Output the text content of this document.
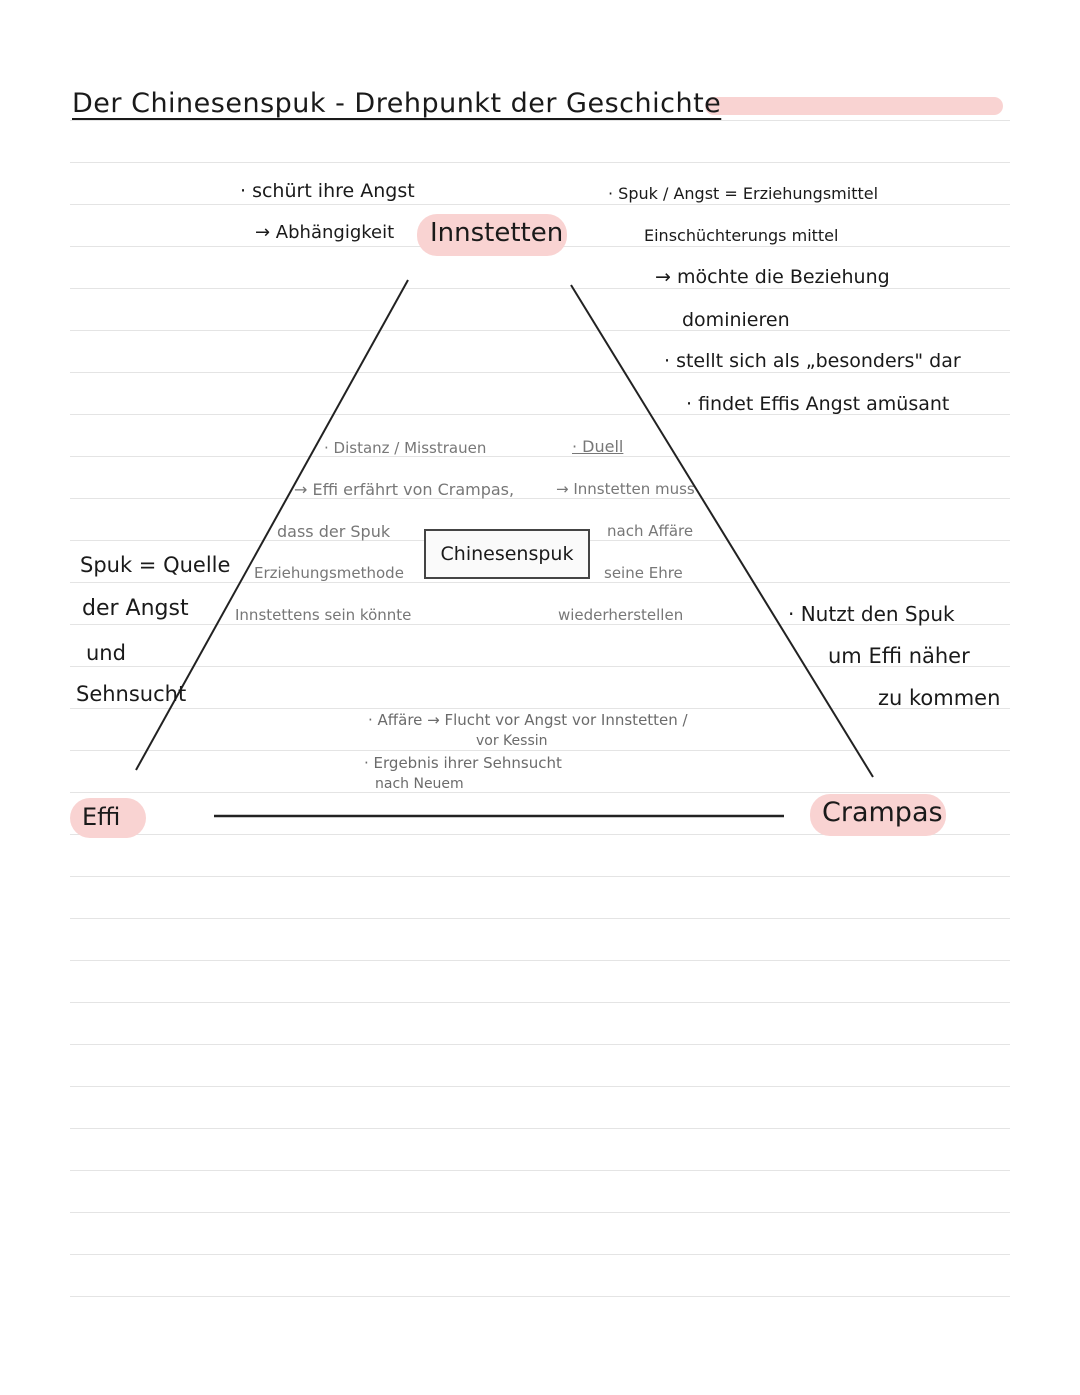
Der Chinesenspuk - Drehpunkt der Geschichte
Innstetten
Effi	Crampas
Chinesenspuk
· schürt ihre Angst
→ Abhängigkeit
· Spuk / Angst = Erziehungsmittel
Einschüchterungs mittel
→ möchte die Beziehung
dominieren
· stellt sich als „besonders" dar
· findet Effis Angst amüsant
Spuk = Quelle
der Angst
und
Sehnsucht
· Nutzt den Spuk
um Effi näher
zu kommen
· Distanz / Misstrauen
→ Effi erfährt von Crampas,
dass der Spuk
Erziehungsmethode
Innstettens sein könnte
· Duell
→ Innstetten muss
nach Affäre
seine Ehre
wiederherstellen
· Affäre → Flucht vor Angst vor Innstetten /
vor Kessin
· Ergebnis ihrer Sehnsucht
nach Neuem
